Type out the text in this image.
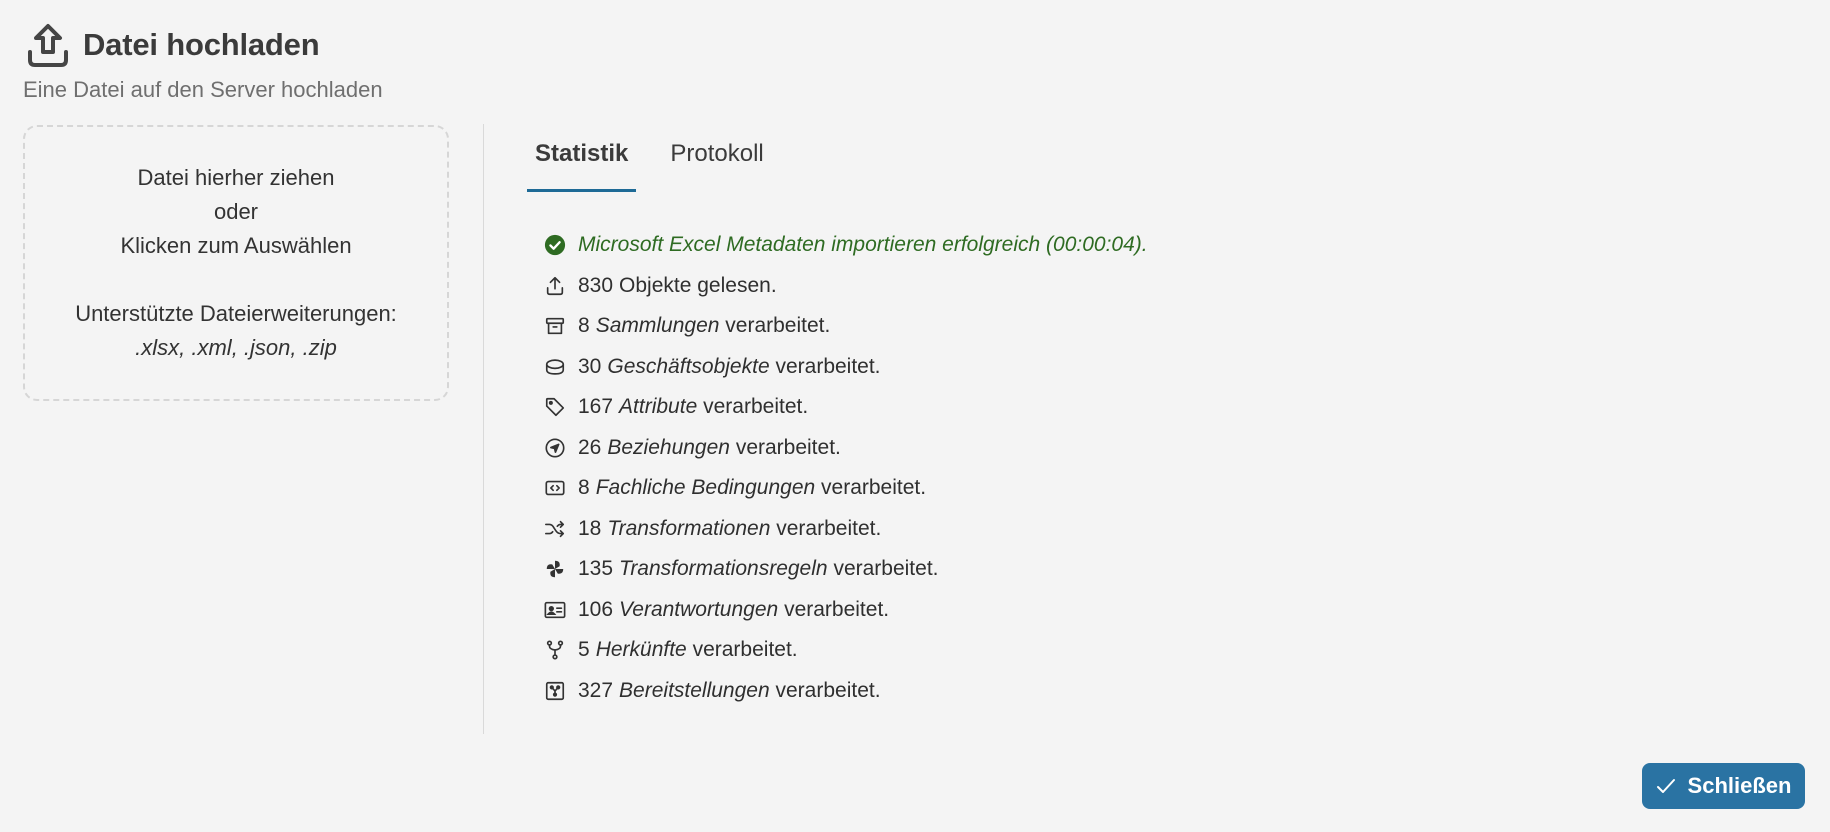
Datei hochladen
Eine Datei auf den Server hochladen
Datei hierher ziehen
oder
Klicken zum Auswählen
Unterstützte Dateierweiterungen:
.xlsx, .xml, .json, .zip
Statistik	Protokoll
Microsoft Excel Metadaten importieren erfolgreich (00:00:04).
830 Objekte gelesen.
8 Sammlungen
verarbeitet.
30 Geschäftsobjekte
verarbeitet.
167 Attribute
verarbeitet.
26 Beziehungen
verarbeitet.
8 Fachliche Bedingungen
verarbeitet.
18 Transformationen
verarbeitet.
135 Transformationsregeln
verarbeitet.
106 Verantwortungen
verarbeitet.
5 Herkünfte
verarbeitet.
327 Bereitstellungen
verarbeitet.
Schließen
